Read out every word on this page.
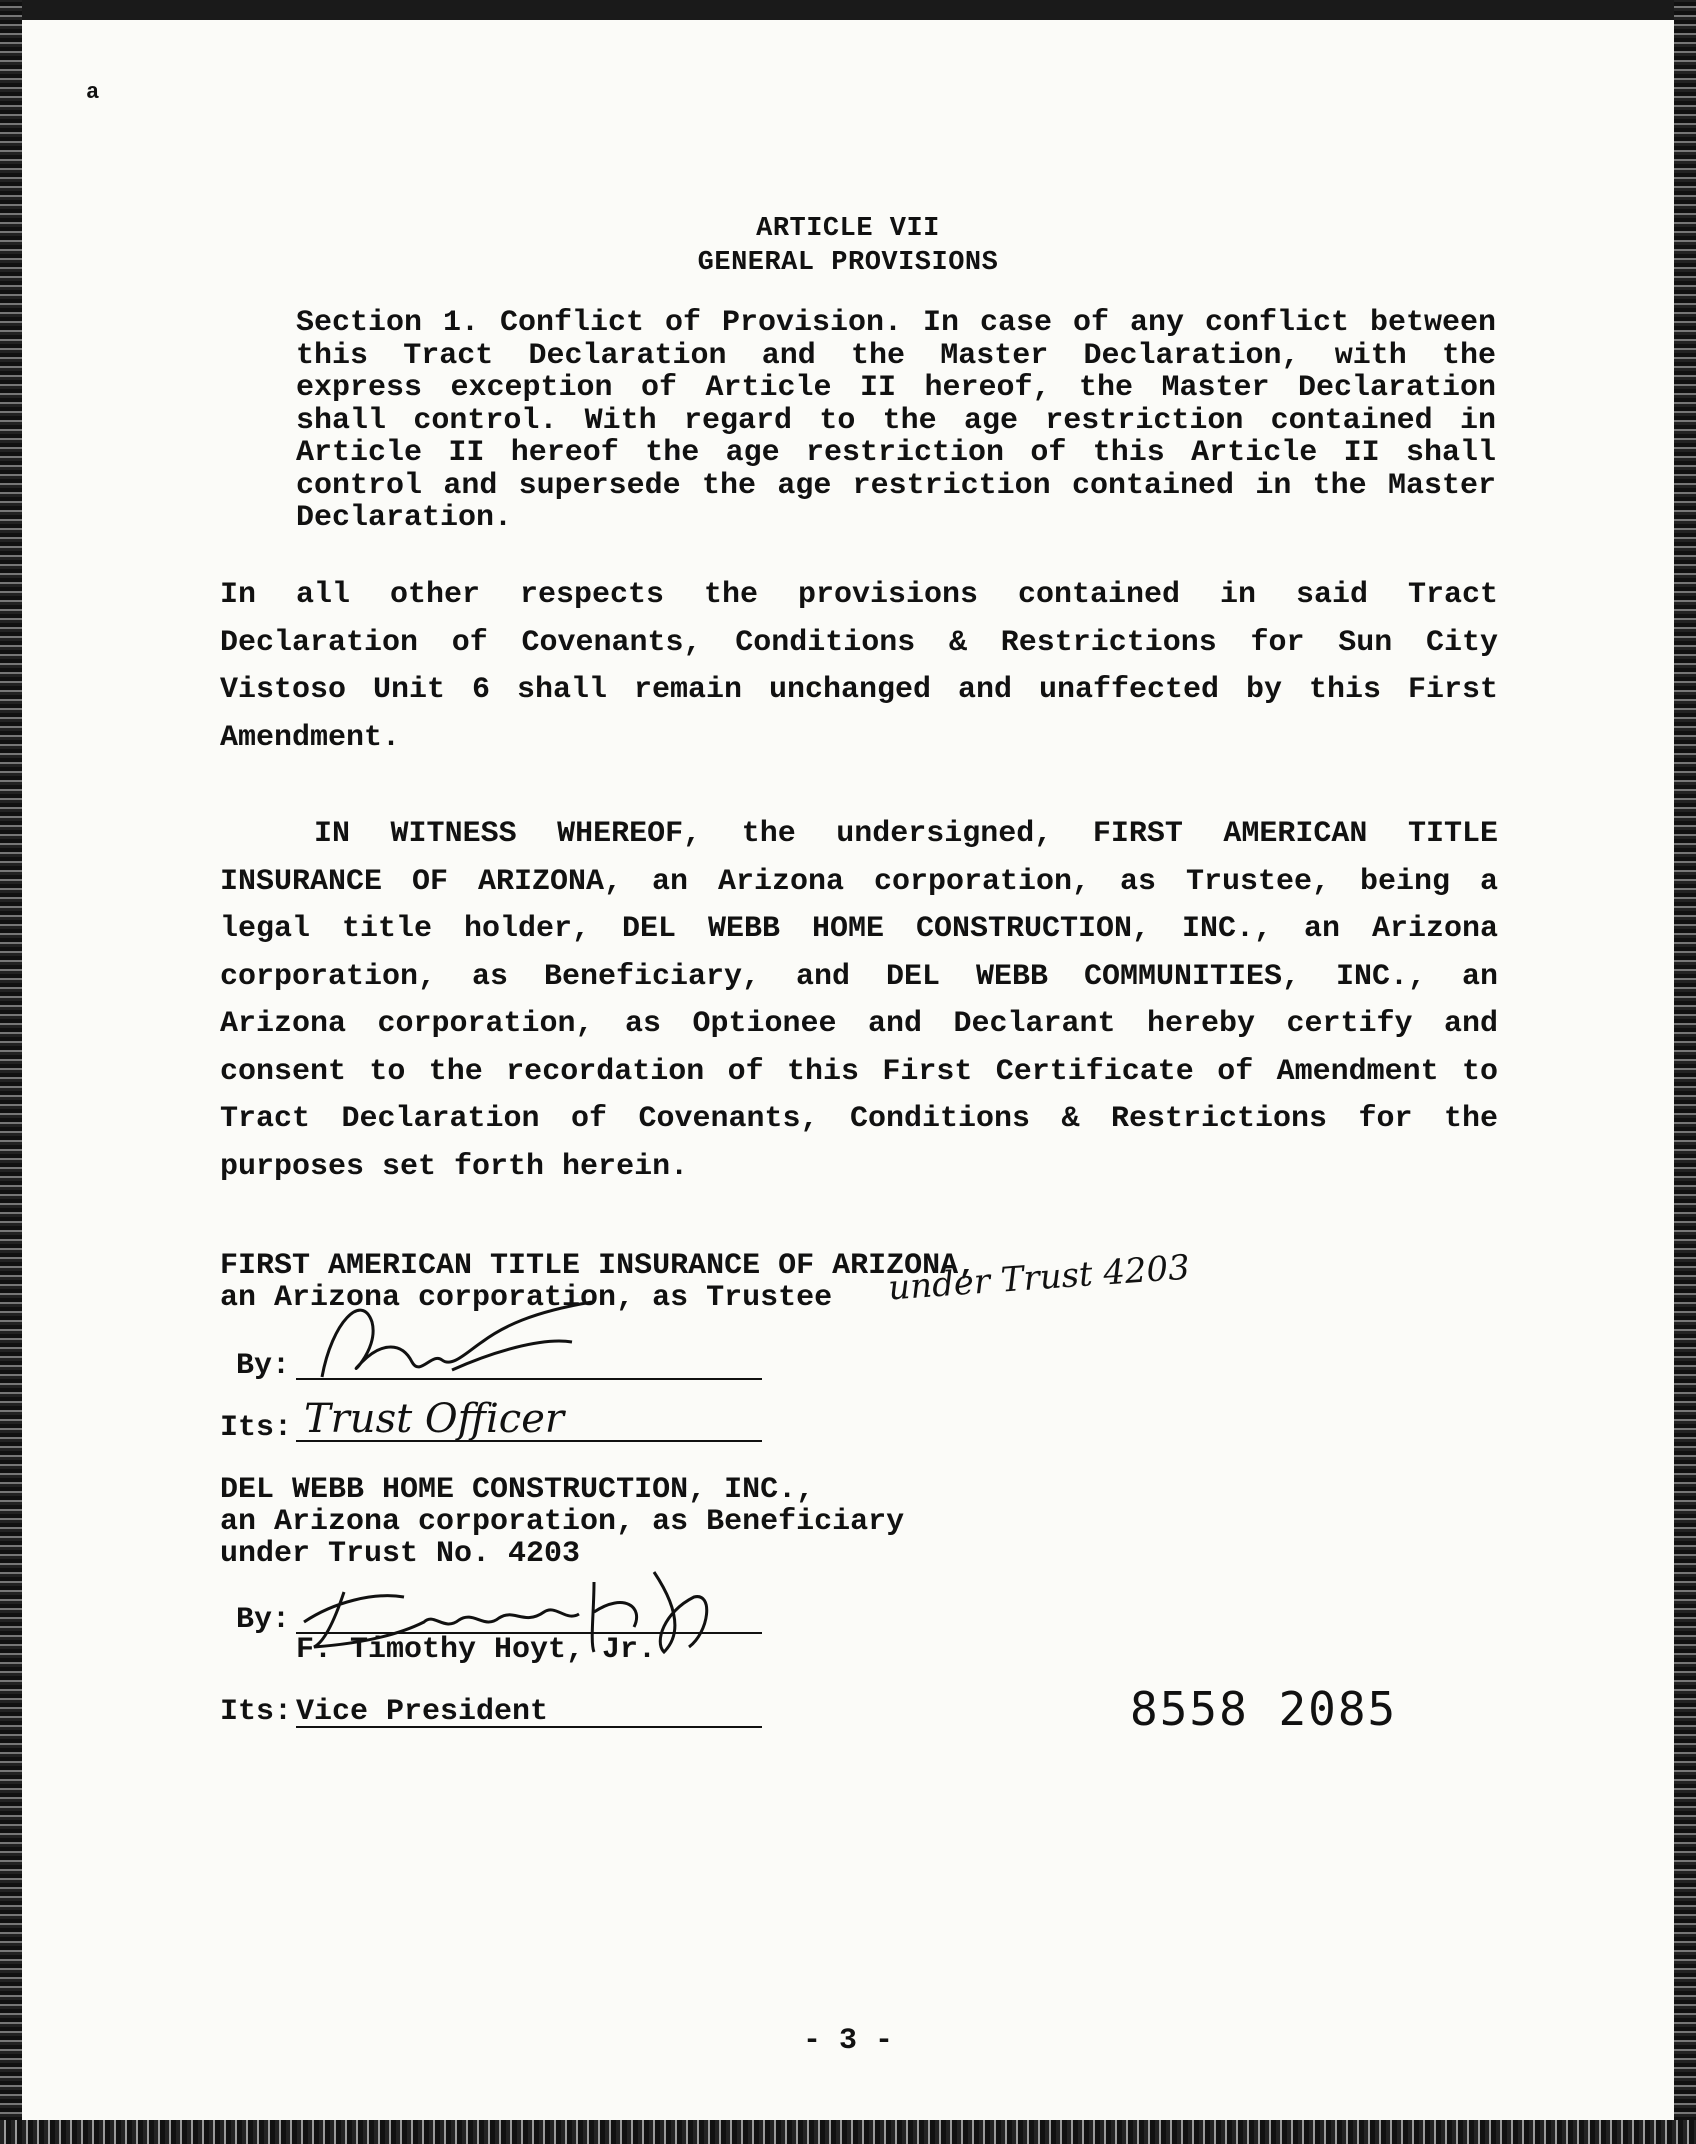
a
ARTICLE VII
GENERAL PROVISIONS
Section 1. Conflict of Provision. In case of any conflict between this Tract Declaration and the Master Declaration, with the express exception of Article II hereof, the Master Declaration shall control. With regard to the age restriction contained in Article II hereof the age restriction of this Article II shall control and supersede the age restriction contained in the Master Declaration.
In all other respects the provisions contained in said Tract Declaration of Covenants, Conditions & Restrictions for Sun City Vistoso Unit 6 shall remain unchanged and unaffected by this First Amendment.
IN WITNESS WHEREOF, the undersigned, FIRST AMERICAN TITLE INSURANCE OF ARIZONA, an Arizona corporation, as Trustee, being a legal title holder, DEL WEBB HOME CONSTRUCTION, INC., an Arizona corporation, as Beneficiary, and DEL WEBB COMMUNITIES, INC., an Arizona corporation, as Optionee and Declarant hereby certify and consent to the recordation of this First Certificate of Amendment to Tract Declaration of Covenants, Conditions & Restrictions for the purposes set forth herein.
FIRST AMERICAN TITLE INSURANCE OF ARIZONA,
an Arizona corporation, as Trustee under Trust 4203
By:
Its: Trust Officer
DEL WEBB HOME CONSTRUCTION, INC.,
an Arizona corporation, as Beneficiary
under Trust No. 4203
By:
F. Timothy Hoyt, Jr.
Its: Vice President	8558 2085
- 3 -
